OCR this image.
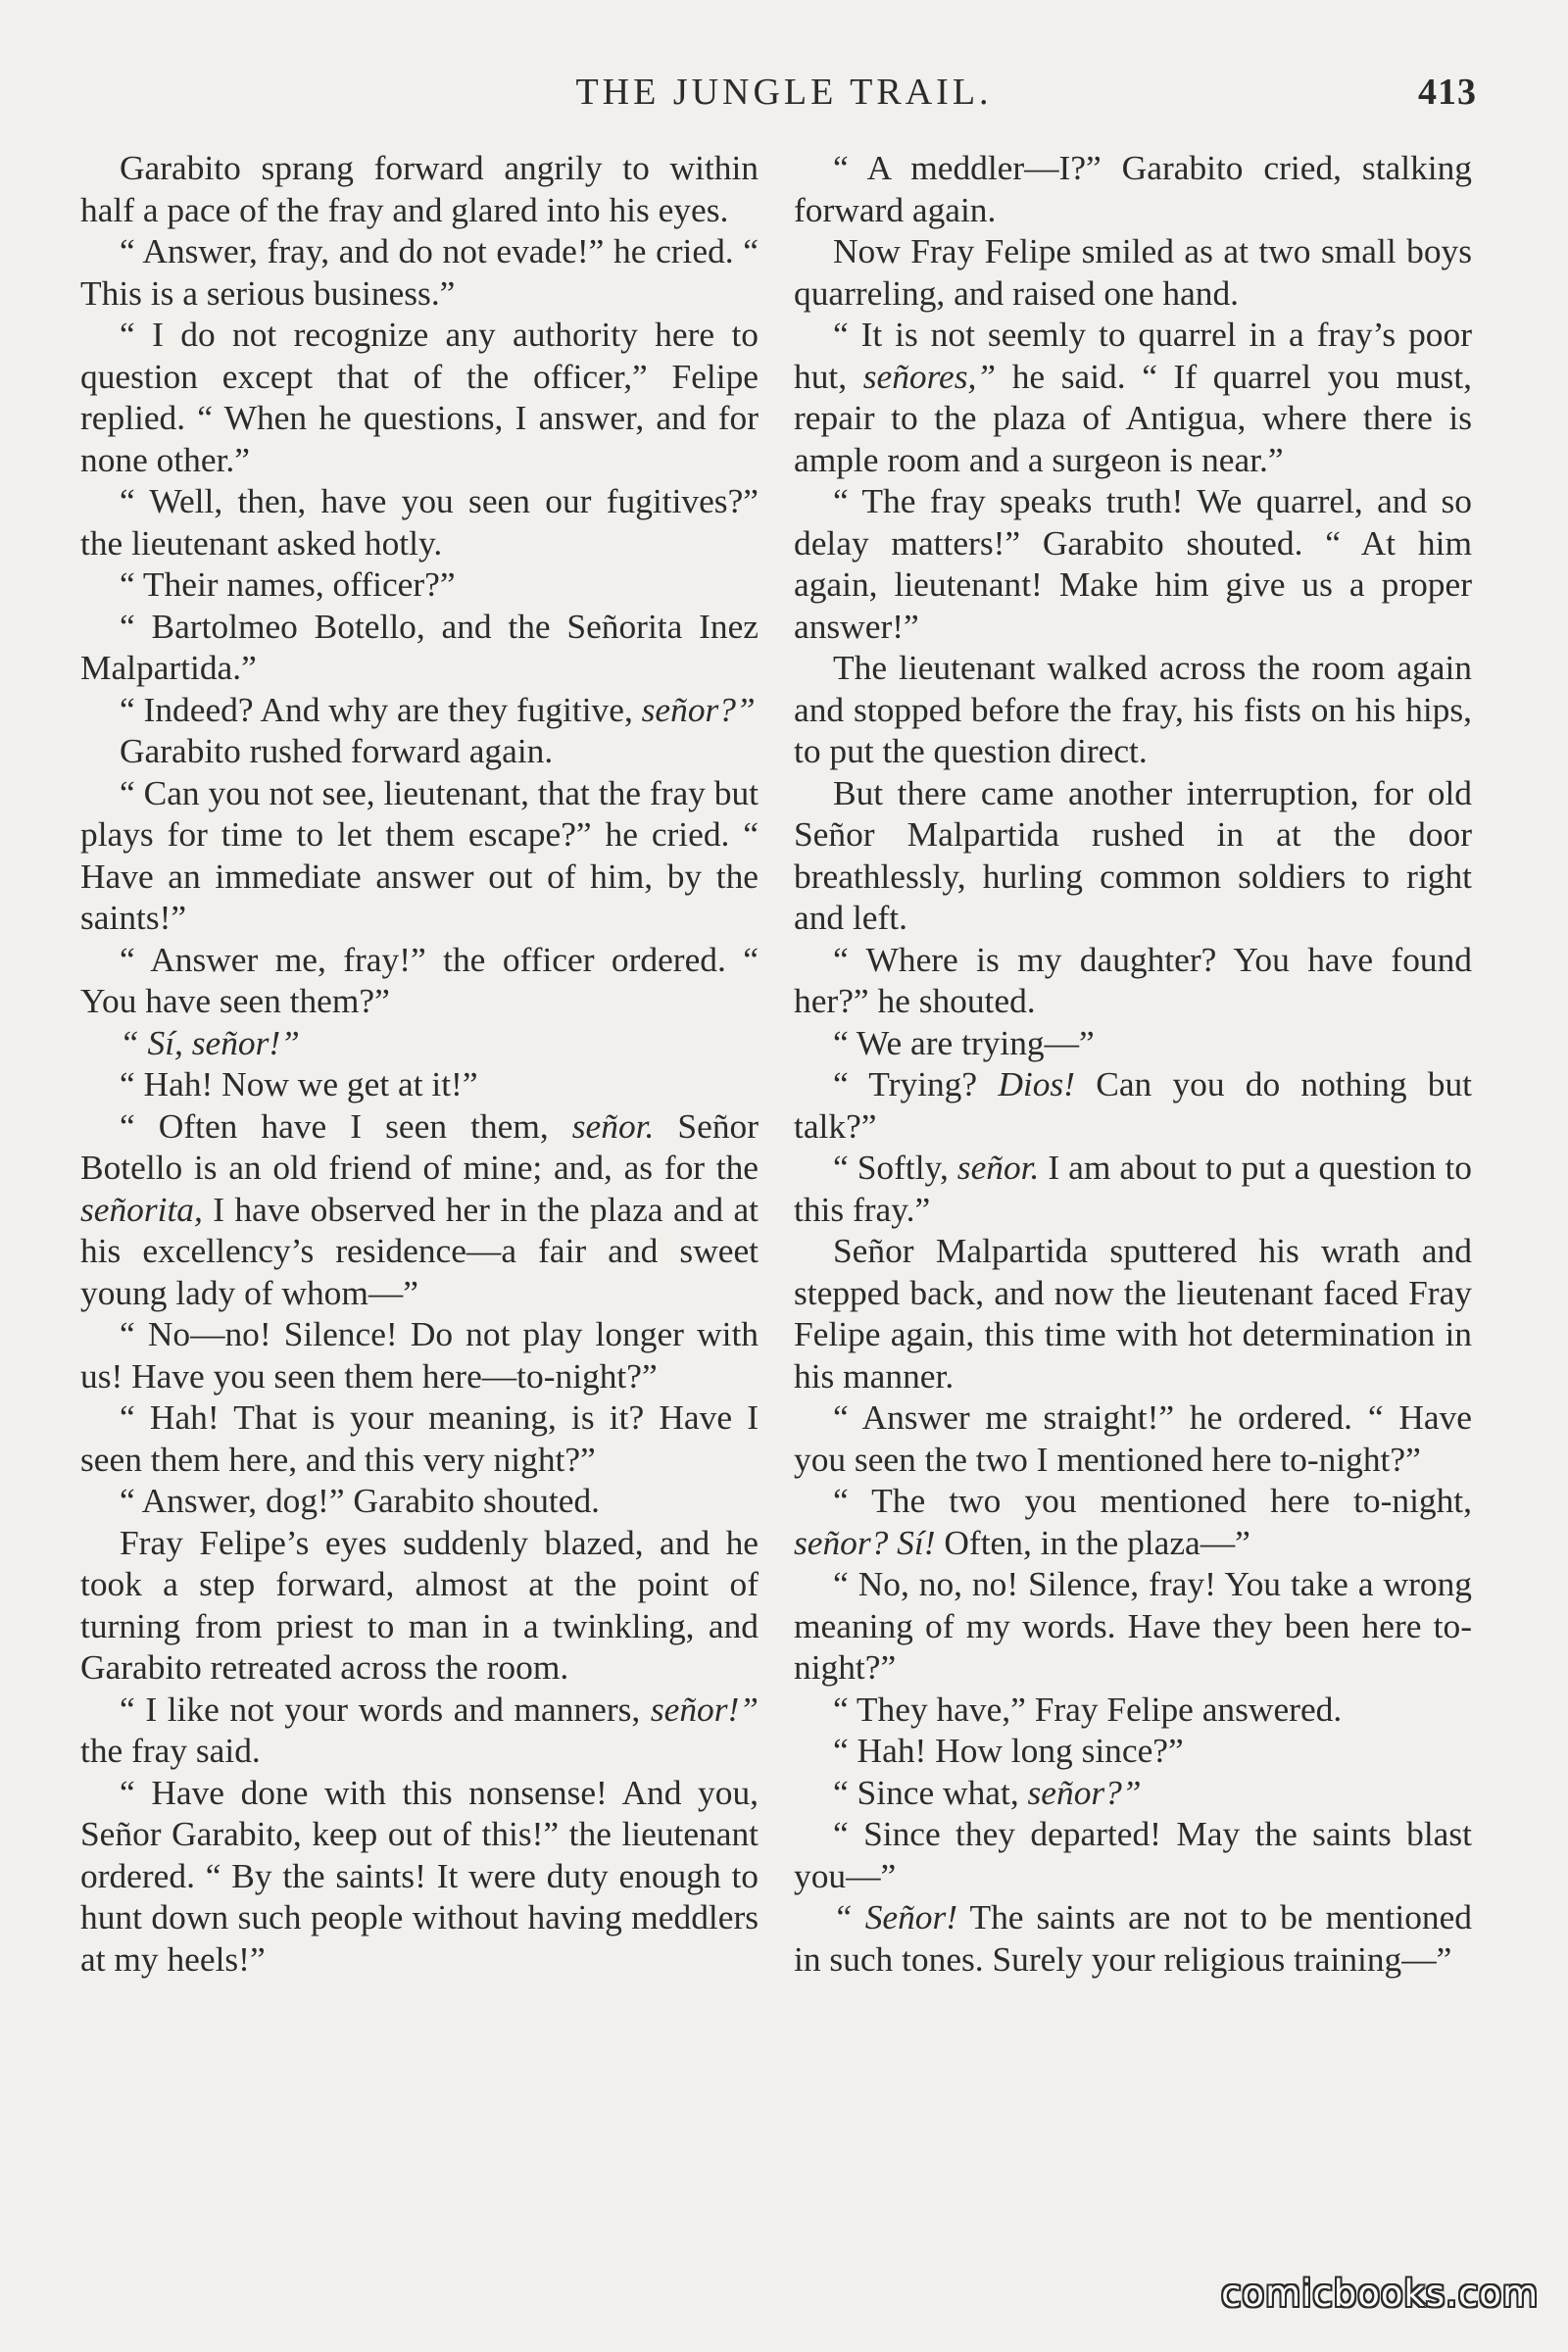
THE JUNGLE TRAIL.	413

Garabito sprang forward angrily to within half a pace of the fray and glared into his eyes.

“ Answer, fray, and do not evade!” he cried. “ This is a serious business.”

“ I do not recognize any authority here to question except that of the officer,” Felipe replied. “ When he questions, I answer, and for none other.”

“ Well, then, have you seen our fugitives?” the lieutenant asked hotly.

“ Their names, officer?”

“ Bartolmeo Botello, and the Señorita Inez Malpartida.”

“ Indeed? And why are they fugitive, señor?”

Garabito rushed forward again.

“ Can you not see, lieutenant, that the fray but plays for time to let them escape?” he cried. “ Have an immediate answer out of him, by the saints!”

“ Answer me, fray!” the officer ordered. “ You have seen them?”

“ Sí, señor!”

“ Hah! Now we get at it!”

“ Often have I seen them, señor. Señor Botello is an old friend of mine; and, as for the señorita, I have observed her in the plaza and at his excellency’s residence—a fair and sweet young lady of whom—”

“ No—no! Silence! Do not play longer with us! Have you seen them here—to-night?”

“ Hah! That is your meaning, is it? Have I seen them here, and this very night?”

“ Answer, dog!” Garabito shouted.

Fray Felipe’s eyes suddenly blazed, and he took a step forward, almost at the point of turning from priest to man in a twinkling, and Garabito retreated across the room.

“ I like not your words and manners, señor!” the fray said.

“ Have done with this nonsense! And you, Señor Garabito, keep out of this!” the lieutenant ordered. “ By the saints! It were duty enough to hunt down such people without having meddlers at my heels!”

“ A meddler—I?” Garabito cried, stalking forward again.

Now Fray Felipe smiled as at two small boys quarreling, and raised one hand.

“ It is not seemly to quarrel in a fray’s poor hut, señores,” he said. “ If quarrel you must, repair to the plaza of Antigua, where there is ample room and a surgeon is near.”

“ The fray speaks truth! We quarrel, and so delay matters!” Garabito shouted. “ At him again, lieutenant! Make him give us a proper answer!”

The lieutenant walked across the room again and stopped before the fray, his fists on his hips, to put the question direct.

But there came another interruption, for old Señor Malpartida rushed in at the door breathlessly, hurling common soldiers to right and left.

“ Where is my daughter? You have found her?” he shouted.

“ We are trying—”

“ Trying? Dios! Can you do nothing but talk?”

“ Softly, señor. I am about to put a question to this fray.”

Señor Malpartida sputtered his wrath and stepped back, and now the lieutenant faced Fray Felipe again, this time with hot determination in his manner.

“ Answer me straight!” he ordered. “ Have you seen the two I mentioned here to-night?”

“ The two you mentioned here to-night, señor? Sí! Often, in the plaza—”

“ No, no, no! Silence, fray! You take a wrong meaning of my words. Have they been here to-night?”

“ They have,” Fray Felipe answered.

“ Hah! How long since?”

“ Since what, señor?”

“ Since they departed! May the saints blast you—”

“ Señor! The saints are not to be mentioned in such tones. Surely your religious training—”

comicbooks.com
